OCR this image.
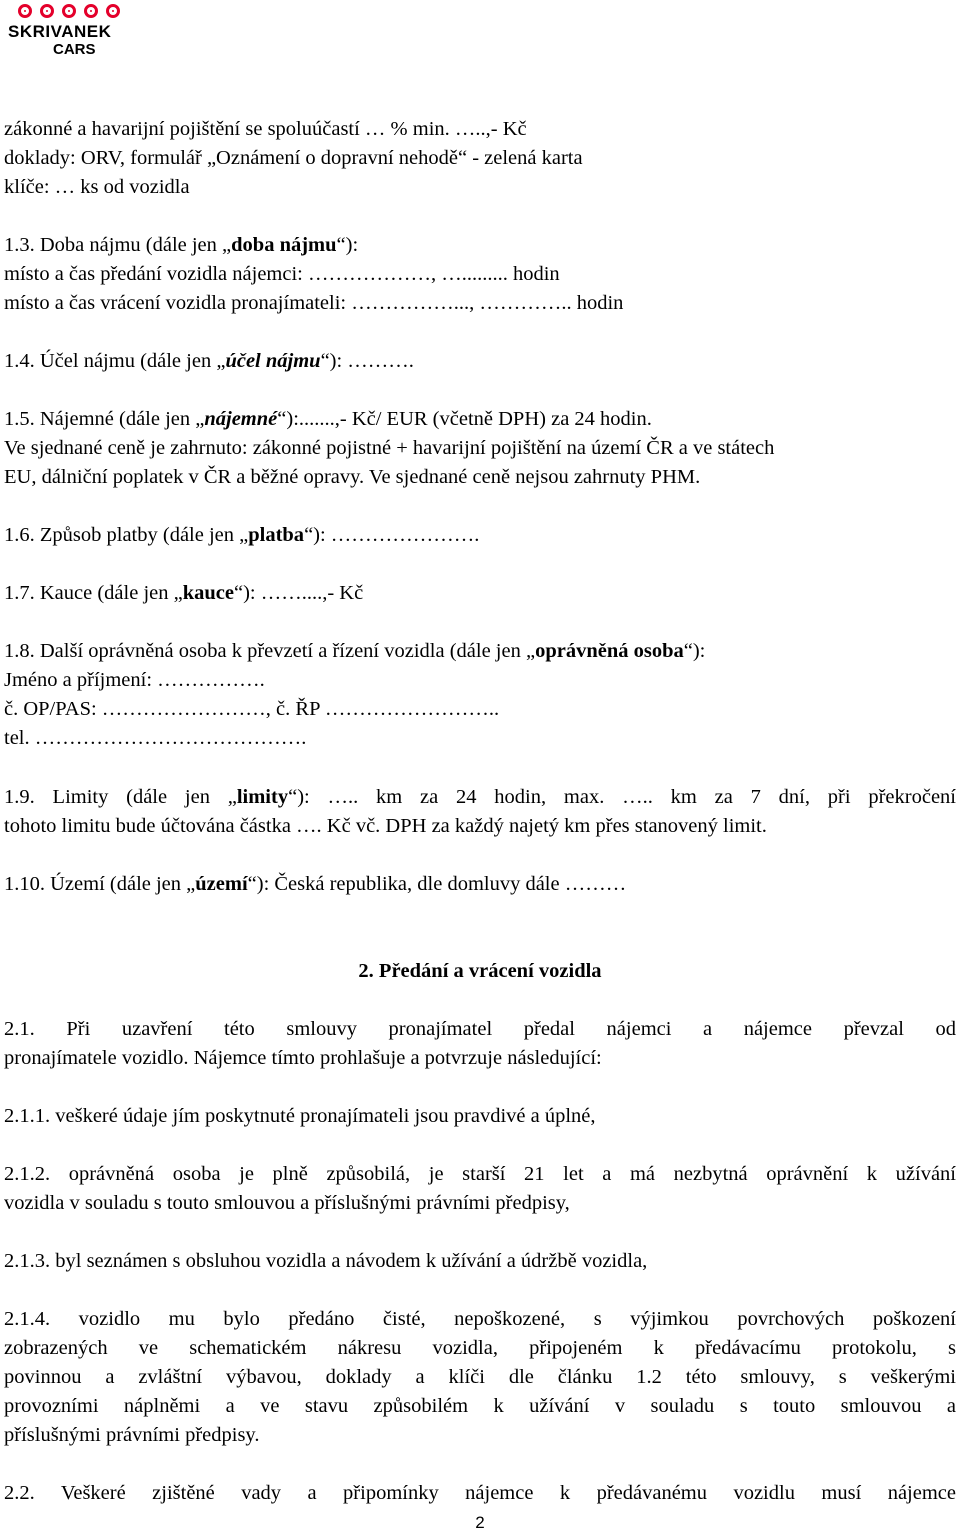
SKRIVANEK
CARS
zákonné a havarijní pojištění se spoluúčastí … % min. …..,- Kč
doklady: ORV, formulář „Oznámení o dopravní nehodě“ - zelená karta
klíče: … ks od vozidla
1.3. Doba nájmu (dále jen „doba nájmu“):
místo a čas předání vozidla nájemci: ………………, …......... hodin
místo a čas vrácení vozidla pronajímateli: ……………..., ………….. hodin
1.4. Účel nájmu (dále jen „účel nájmu“): ……….
1.5. Nájemné (dále jen „nájemné“):.......,- Kč/ EUR (včetně DPH) za 24 hodin.
Ve sjednané ceně je zahrnuto: zákonné pojistné + havarijní pojištění na území ČR a ve státech
EU, dálniční poplatek v ČR a běžné opravy. Ve sjednané ceně nejsou zahrnuty PHM.
1.6. Způsob platby (dále jen „platba“): ………………….
1.7. Kauce (dále jen „kauce“): ……....,- Kč
1.8. Další oprávněná osoba k převzetí a řízení vozidla (dále jen „oprávněná osoba“):
Jméno a příjmení: …………….
č. OP/PAS: ……………………, č. ŘP ……………………..
tel. ………………………………….
1.9. Limity (dále jen „limity“): ….. km za 24 hodin, max. ….. km za 7 dní, při překročení
tohoto limitu bude účtována částka …. Kč vč. DPH za každý najetý km přes stanovený limit.
1.10. Území (dále jen „území“): Česká republika, dle domluvy dále ………
2. Předání a vrácení vozidla
2.1. Při uzavření této smlouvy pronajímatel předal nájemci a nájemce převzal od
pronajímatele vozidlo. Nájemce tímto prohlašuje a potvrzuje následující:
2.1.1. veškeré údaje jím poskytnuté pronajímateli jsou pravdivé a úplné,
2.1.2. oprávněná osoba je plně způsobilá, je starší 21 let a má nezbytná oprávnění k užívání
vozidla v souladu s touto smlouvou a příslušnými právními předpisy,
2.1.3. byl seznámen s obsluhou vozidla a návodem k užívání a údržbě vozidla,
2.1.4. vozidlo mu bylo předáno čisté, nepoškozené, s výjimkou povrchových poškození
zobrazených ve schematickém nákresu vozidla, připojeném k předávacímu protokolu, s
povinnou a zvláštní výbavou, doklady a klíči dle článku 1.2 této smlouvy, s veškerými
provozními náplněmi a ve stavu způsobilém k užívání v souladu s touto smlouvou a
příslušnými právními předpisy.
2.2. Veškeré zjištěné vady a připomínky nájemce k předávanému vozidlu musí nájemce
2
